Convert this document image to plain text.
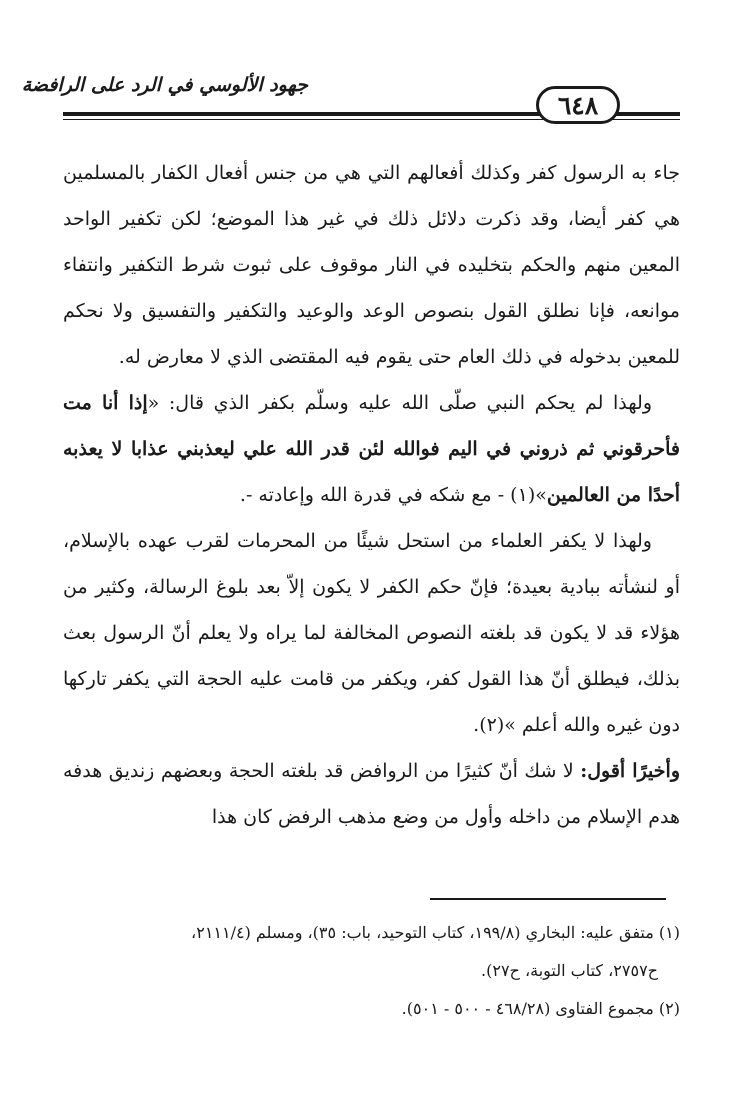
جهود الألوسي في الرد على الرافضة
٦٤٨

جاء به الرسول كفر وكذلك أفعالهم التي هي من جنس أفعال الكفار بالمسلمين هي كفر أيضا، وقد ذكرت دلائل ذلك في غير هذا الموضع؛ لكن تكفير الواحد المعين منهم والحكم بتخليده في النار موقوف على ثبوت شرط التكفير وانتفاء موانعه، فإنا نطلق القول بنصوص الوعد والوعيد والتكفير والتفسيق ولا نحكم للمعين بدخوله في ذلك العام حتى يقوم فيه المقتضى الذي لا معارض له.

ولهذا لم يحكم النبي صلّى الله عليه وسلّم بكفر الذي قال: «إذا أنا مت فأحرقوني ثم ذروني في اليم فوالله لئن قدر الله علي ليعذبني عذابا لا يعذبه أحدًا من العالمين»(١) - مع شكه في قدرة الله وإعادته -.

ولهذا لا يكفر العلماء من استحل شيئًا من المحرمات لقرب عهده بالإسلام، أو لنشأته ببادية بعيدة؛ فإنّ حكم الكفر لا يكون إلاّ بعد بلوغ الرسالة، وكثير من هؤلاء قد لا يكون قد بلغته النصوص المخالفة لما يراه ولا يعلم أنّ الرسول بعث بذلك، فيطلق أنّ هذا القول كفر، ويكفر من قامت عليه الحجة التي يكفر تاركها دون غيره والله أعلم »(٢).

وأخيرًا أقول: لا شك أنّ كثيرًا من الروافض قد بلغته الحجة وبعضهم زنديق هدفه هدم الإسلام من داخله وأول من وضع مذهب الرفض كان هذا

(١) متفق عليه: البخاري (١٩٩/٨، كتاب التوحيد، باب: ٣٥)، ومسلم (٢١١١/٤،

ح٢٧٥٧، كتاب التوبة، ح٢٧).

(٢) مجموع الفتاوى (٤٦٨/٢٨ - ٥٠٠ - ٥٠١).
